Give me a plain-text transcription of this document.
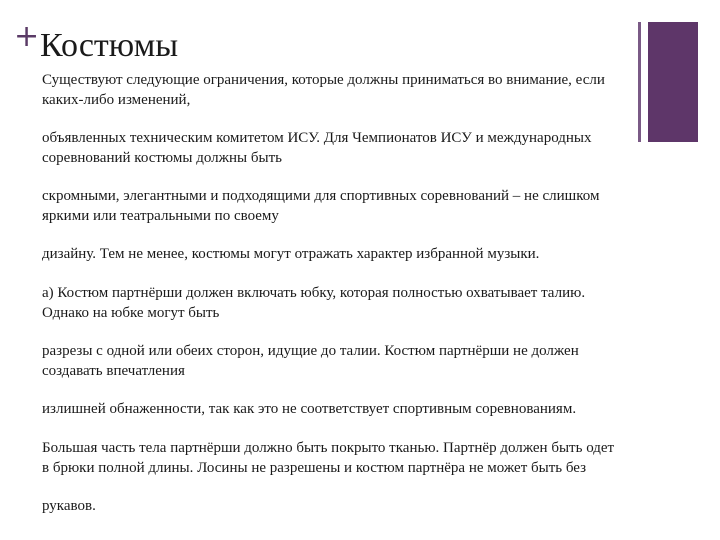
+ Костюмы

Существуют следующие ограничения, которые должны приниматься во внимание, если
каких-либо изменений,

объявленных техническим комитетом ИСУ. Для Чемпионатов ИСУ и международных
соревнований костюмы должны быть

скромными, элегантными и подходящими для спортивных соревнований – не слишком
яркими или театральными по своему

дизайну. Тем не менее, костюмы могут отражать характер избранной музыки.

а) Костюм партнёрши должен включать юбку, которая полностью охватывает талию.
Однако на юбке могут быть

разрезы с одной или обеих сторон, идущие до талии. Костюм партнёрши не должен
создавать впечатления

излишней обнаженности, так как это не соответствует спортивным соревнованиям.

Большая часть тела партнёрши должно быть покрыто тканью. Партнёр должен быть одет
в брюки полной длины. Лосины не разрешены и костюм партнёра не может быть без

рукавов.
